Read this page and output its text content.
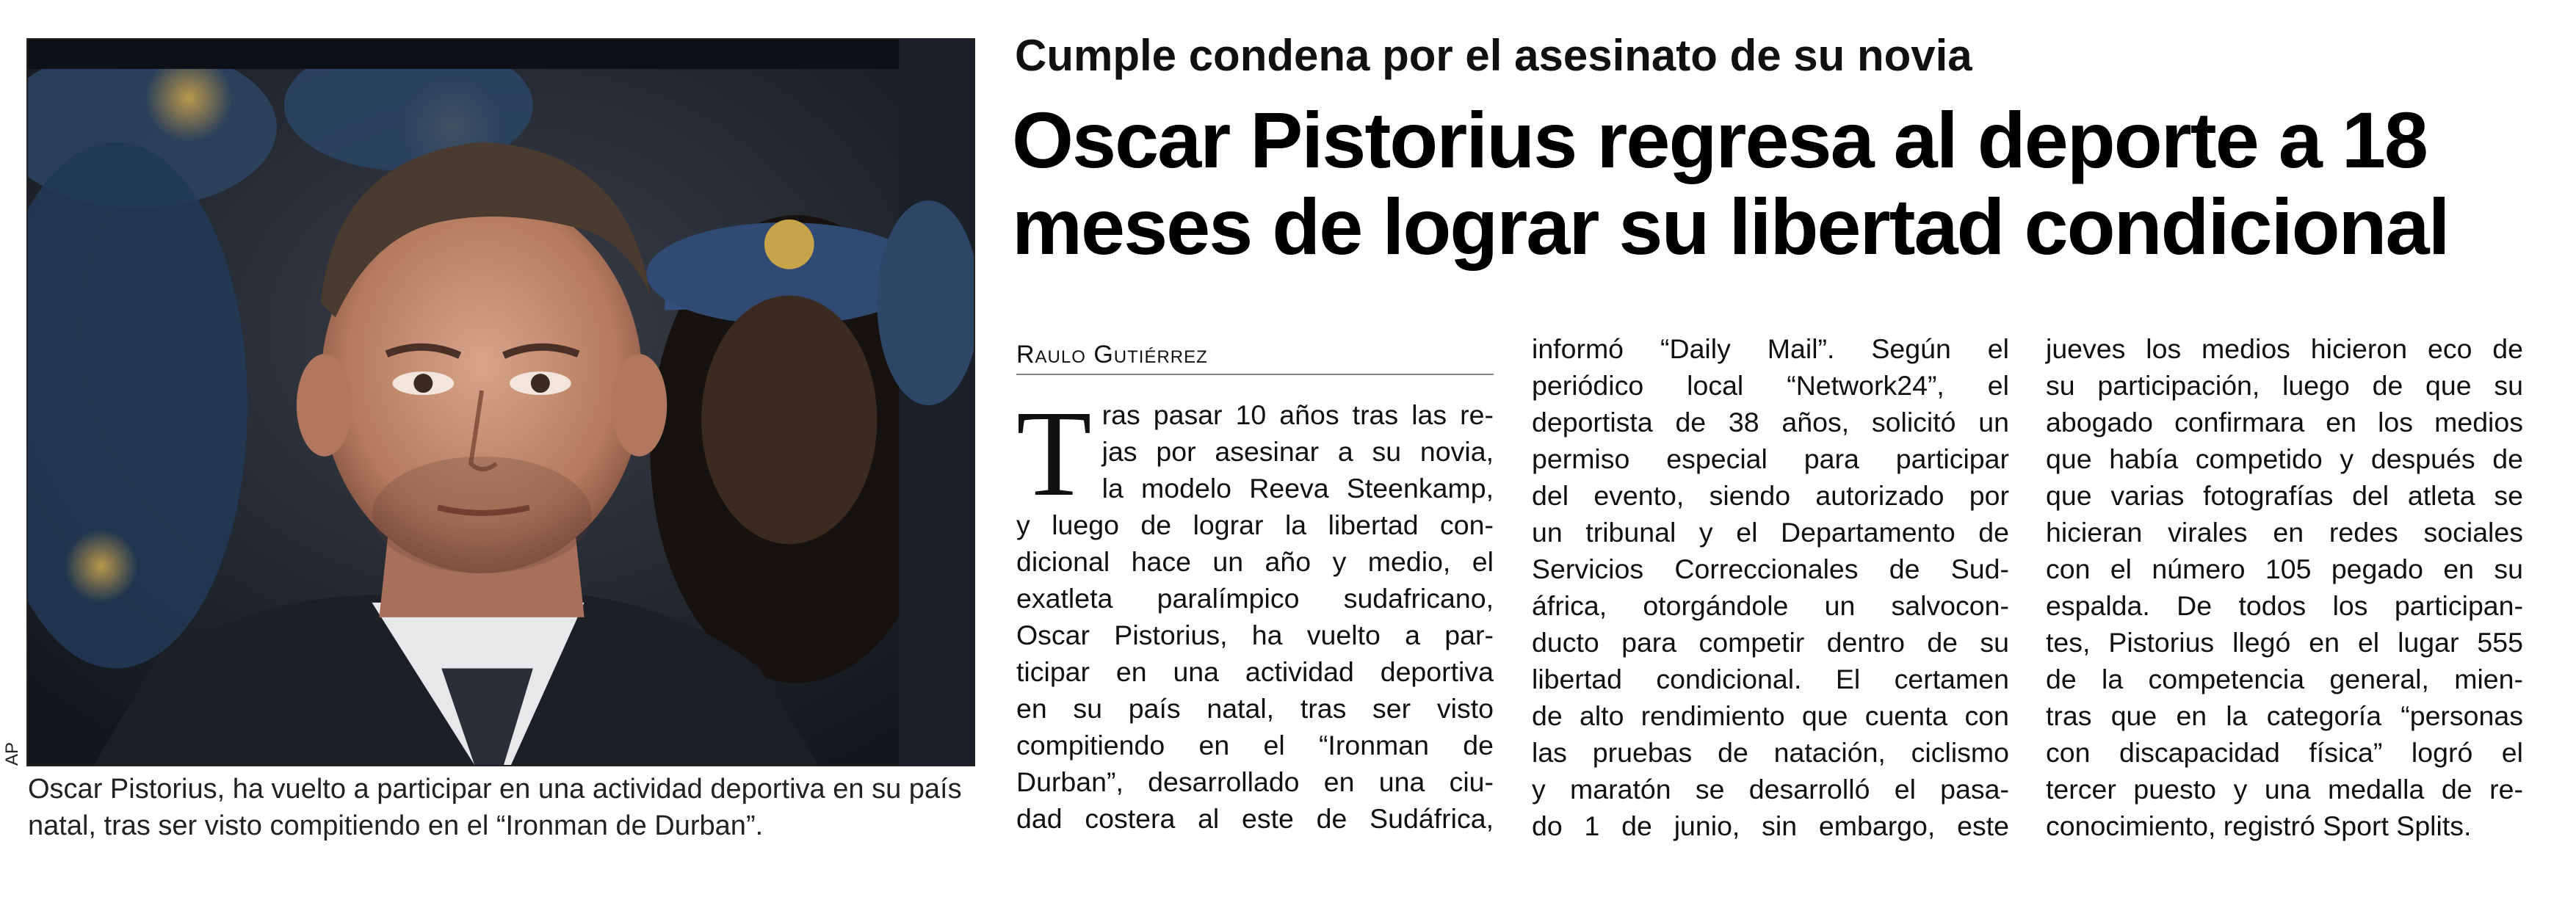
AP

Oscar Pistorius, ha vuelto a participar en una actividad deportiva en su país natal, tras ser visto compitiendo en el “Ironman de Durban”.

Cumple condena por el asesinato de su novia
Oscar Pistorius regresa al deporte a 18
meses de lograr su libertad condicional
Raulo Gutiérrez
T ras pasar 10 años tras las re-
jas por asesinar a su novia,
la modelo Reeva Steenkamp,
y luego de lograr la libertad con-
dicional hace un año y medio, el
exatleta paralímpico sudafricano,
Oscar Pistorius, ha vuelto a par-
ticipar en una actividad deportiva
en su país natal, tras ser visto
compitiendo en el “Ironman de
Durban”, desarrollado en una ciu-
dad costera al este de Sudáfrica,
informó “Daily Mail”. Según el
periódico local “Network24”, el
deportista de 38 años, solicitó un
permiso especial para participar
del evento, siendo autorizado por
un tribunal y el Departamento de
Servicios Correccionales de Sud-
áfrica, otorgándole un salvocon-
ducto para competir dentro de su
libertad condicional. El certamen
de alto rendimiento que cuenta con
las pruebas de natación, ciclismo
y maratón se desarrolló el pasa-
do 1 de junio, sin embargo, este
jueves los medios hicieron eco de
su participación, luego de que su
abogado confirmara en los medios
que había competido y después de
que varias fotografías del atleta se
hicieran virales en redes sociales
con el número 105 pegado en su
espalda. De todos los participan-
tes, Pistorius llegó en el lugar 555
de la competencia general, mien-
tras que en la categoría “personas
con discapacidad física” logró el
tercer puesto y una medalla de re-
conocimiento, registró Sport Splits.
